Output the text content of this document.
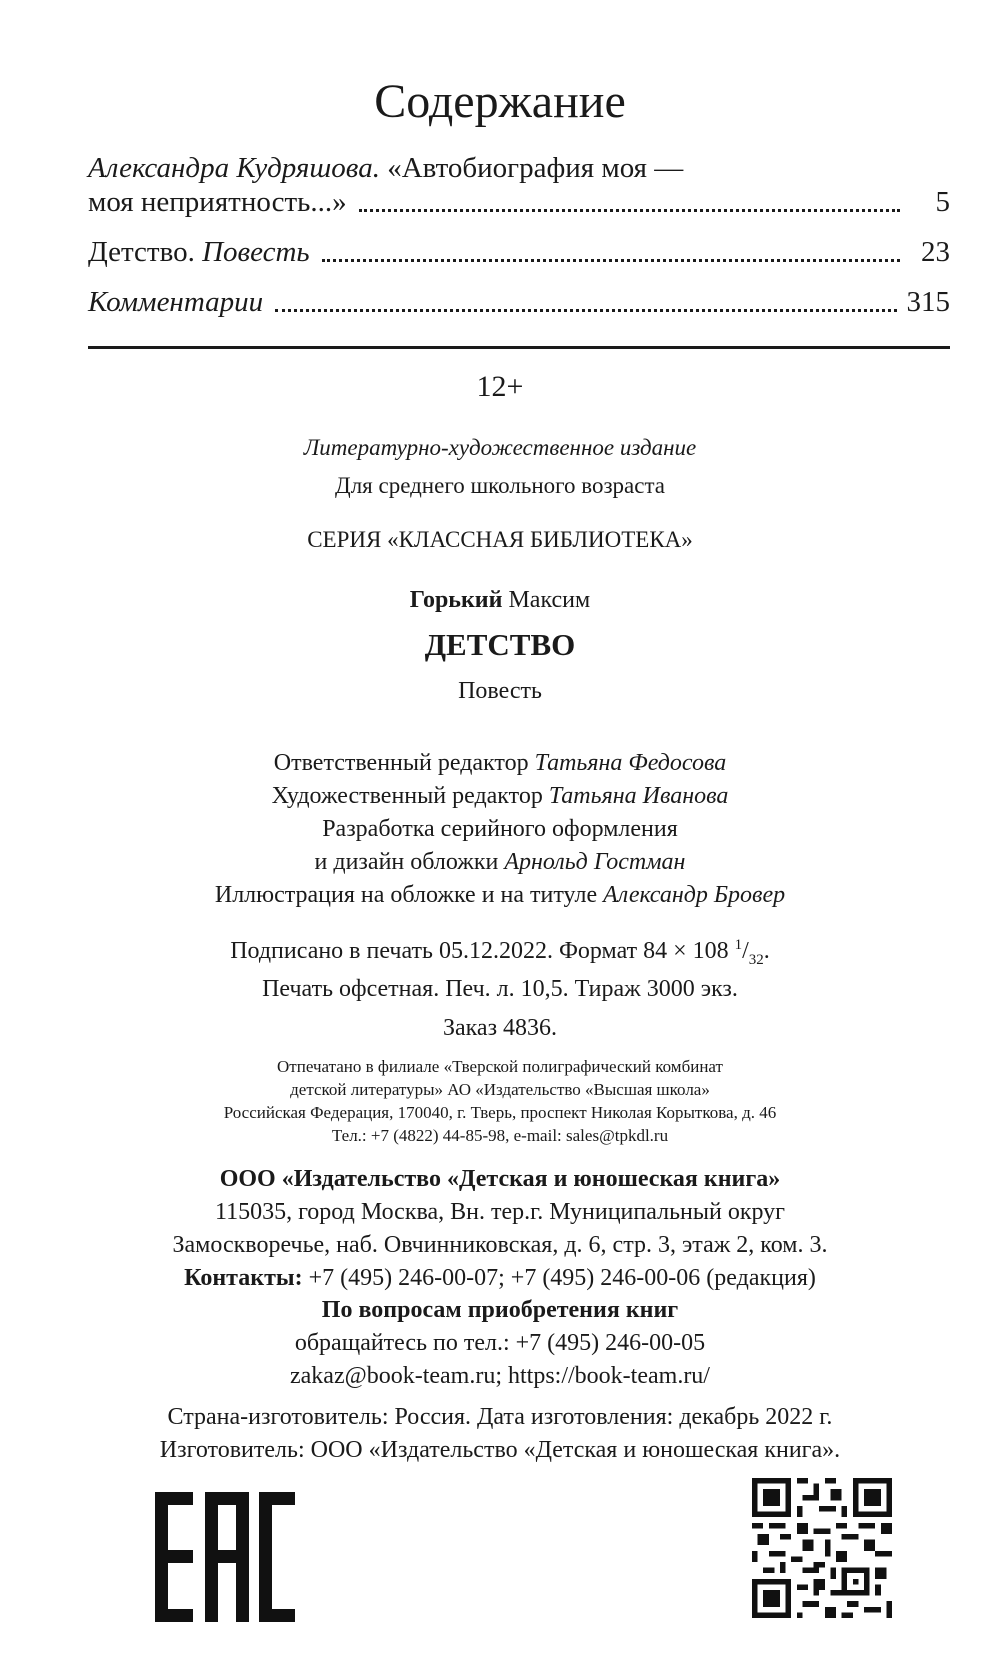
Содержание
Александра Кудряшова. «Автобиография моя —
моя неприятность...»	5
Детство. Повесть	23
Комментарии	315
12+
Литературно-художественное издание
Для среднего школьного возраста
СЕРИЯ «КЛАССНАЯ БИБЛИОТЕКА»
Горький Максим
ДЕТСТВО
Повесть
Ответственный редактор Татьяна Федосова
Художественный редактор Татьяна Иванова
Разработка серийного оформления
и дизайн обложки Арнольд Гостман
Иллюстрация на обложке и на титуле Александр Бровер
Подписано в печать 05.12.2022. Формат 84 × 108 $^1/_{32}$.
Печать офсетная. Печ. л. 10,5. Тираж 3000 экз.
Заказ 4836.
Отпечатано в филиале «Тверской полиграфический комбинат
детской литературы» АО «Издательство «Высшая школа»
Российская Федерация, 170040, г. Тверь, проспект Николая Корыткова, д. 46
Тел.: +7 (4822) 44-85-98, e-mail: sales@tpkdl.ru
ООО «Издательство «Детская и юношеская книга»
115035, город Москва, Вн. тер.г. Муниципальный округ
Замоскворечье, наб. Овчинниковская, д. 6, стр. 3, этаж 2, ком. 3.
Контакты: +7 (495) 246-00-07; +7 (495) 246-00-06 (редакция)
По вопросам приобретения книг
обращайтесь по тел.: +7 (495) 246-00-05
zakaz@book-team.ru; https://book-team.ru/
Страна-изготовитель: Россия. Дата изготовления: декабрь 2022 г.
Изготовитель: ООО «Издательство «Детская и юношеская книга».
